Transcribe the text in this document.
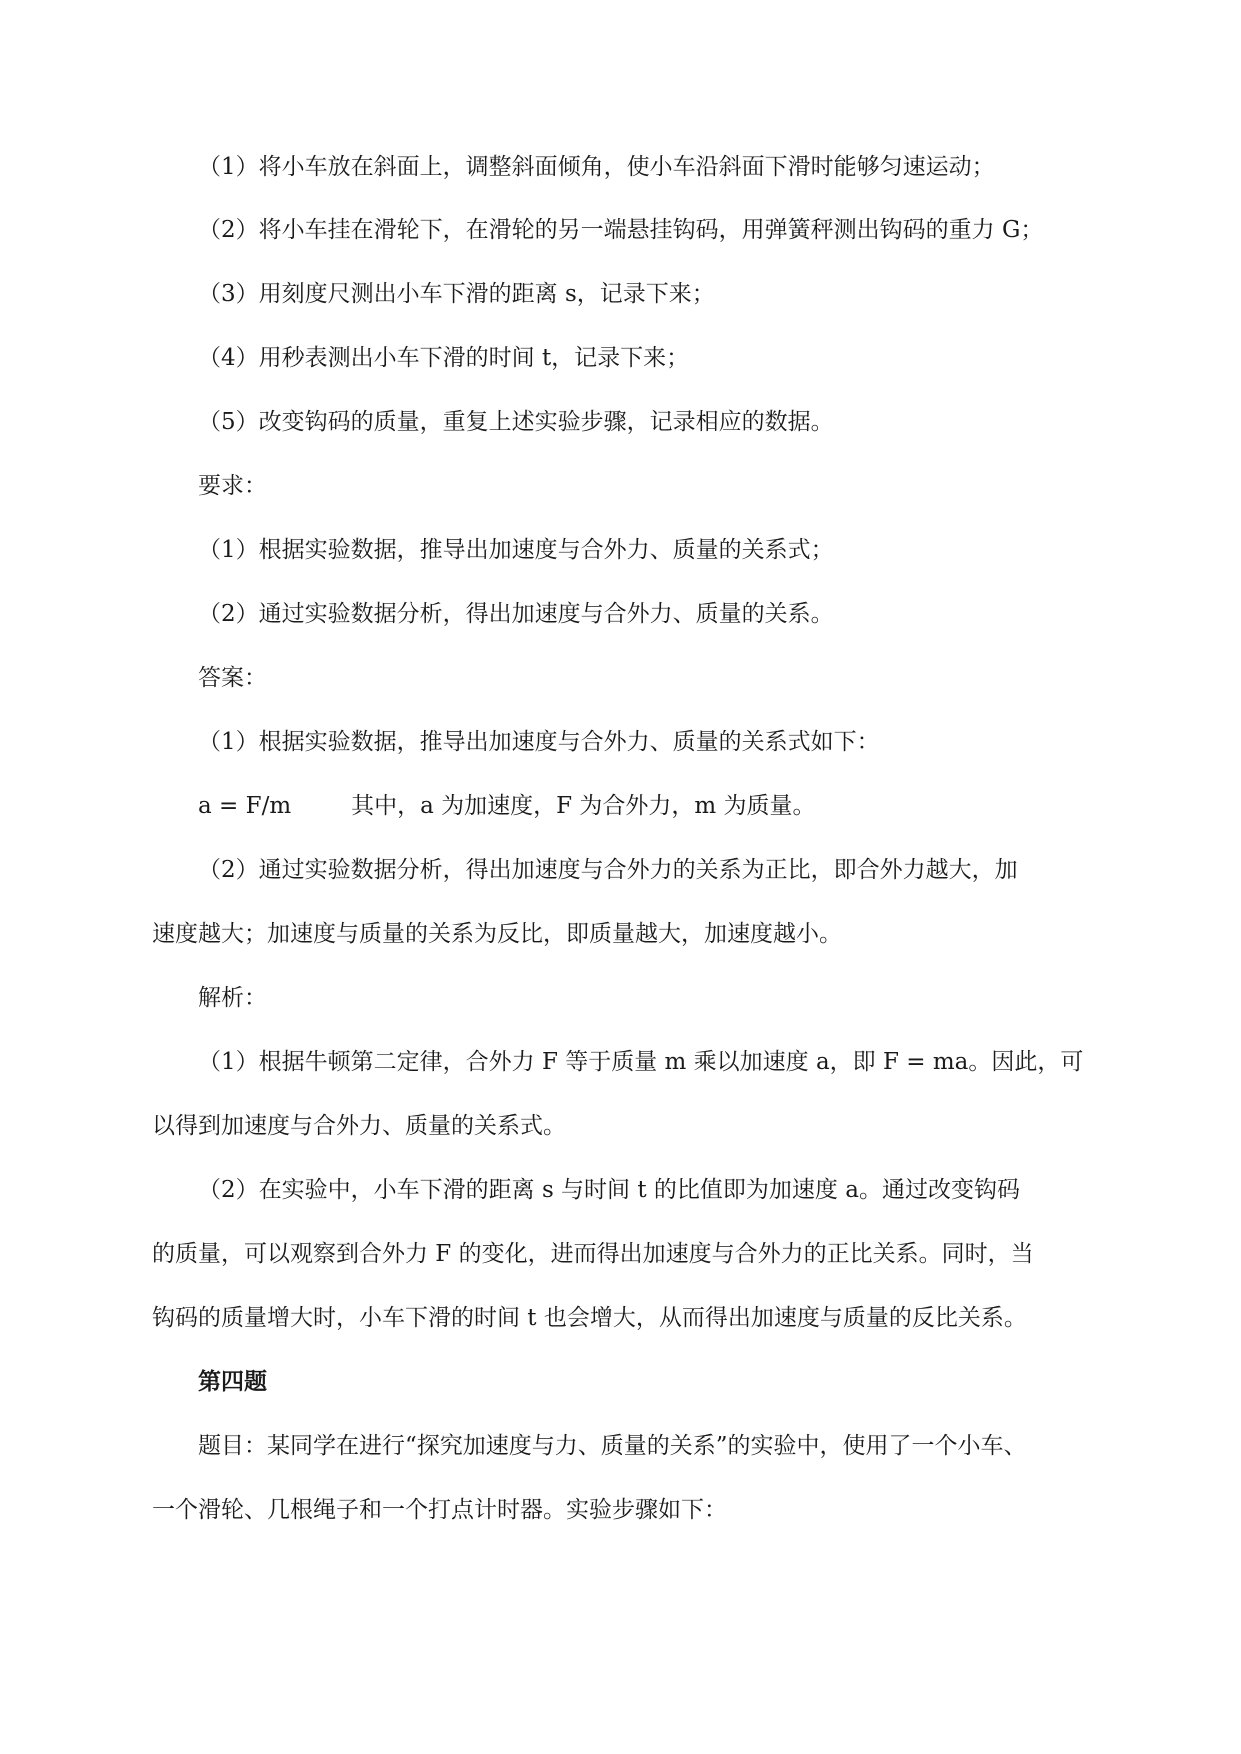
（1）将小车放在斜面上，调整斜面倾角，使小车沿斜面下滑时能够匀速运动；

（2）将小车挂在滑轮下，在滑轮的另一端悬挂钩码，用弹簧秤测出钩码的重力 G；

（3）用刻度尺测出小车下滑的距离 s，记录下来；

（4）用秒表测出小车下滑的时间 t，记录下来；

（5）改变钩码的质量，重复上述实验步骤，记录相应的数据。

要求：

（1）根据实验数据，推导出加速度与合外力、质量的关系式；

（2）通过实验数据分析，得出加速度与合外力、质量的关系。

答案：

（1）根据实验数据，推导出加速度与合外力、质量的关系式如下：

a = F/m	其中，a 为加速度，F 为合外力，m 为质量。

（2）通过实验数据分析，得出加速度与合外力的关系为正比，即合外力越大，加

速度越大；加速度与质量的关系为反比，即质量越大，加速度越小。

解析：

（1）根据牛顿第二定律，合外力 F 等于质量 m 乘以加速度 a，即 F = ma。因此，可

以得到加速度与合外力、质量的关系式。

（2）在实验中，小车下滑的距离 s 与时间 t 的比值即为加速度 a。通过改变钩码

的质量，可以观察到合外力 F 的变化，进而得出加速度与合外力的正比关系。同时，当

钩码的质量增大时，小车下滑的时间 t 也会增大，从而得出加速度与质量的反比关系。

第四题

题目：某同学在进行“探究加速度与力、质量的关系”的实验中，使用了一个小车、

一个滑轮、几根绳子和一个打点计时器。实验步骤如下：
